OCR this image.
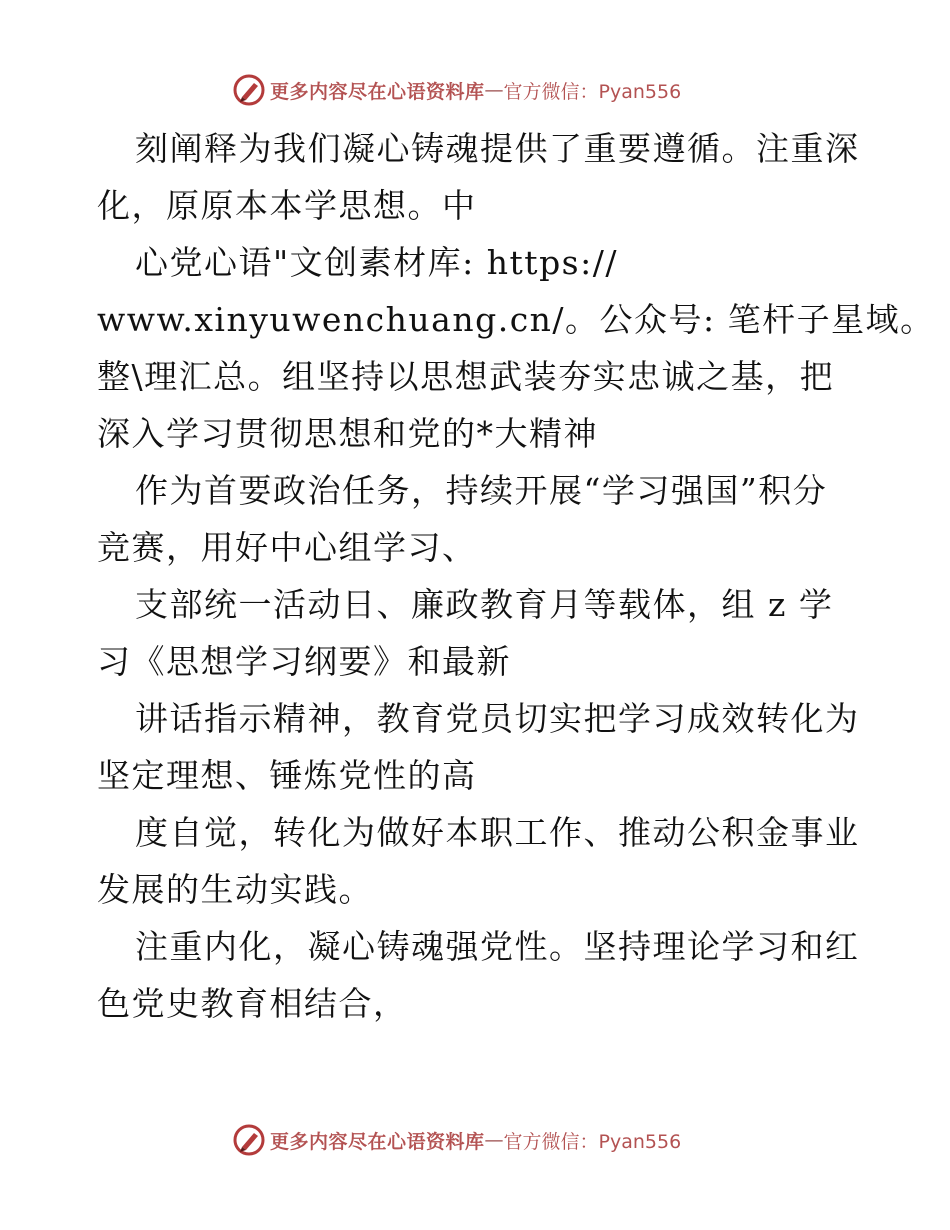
更多内容尽在心语资料库 — 官方微信：Pyan556
刻阐释为我们凝心铸魂提供了重要遵循。注重深
化，原原本本学思想。中
心党心语"文创素材库: https://
www.xinyuwenchuang.cn/。公众号: 笔杆子星域。
整\理汇总。组坚持以思想武装夯实忠诚之基，把
深入学习贯彻思想和党的*大精神
作为首要政治任务，持续开展“学习强国”积分
竞赛，用好中心组学习、
支部统一活动日、廉政教育月等载体，组 z 学
习《思想学习纲要》和最新
讲话指示精神，教育党员切实把学习成效转化为
坚定理想、锤炼党性的高
度自觉，转化为做好本职工作、推动公积金事业
发展的生动实践。
注重内化，凝心铸魂强党性。坚持理论学习和红
色党史教育相结合，
更多内容尽在心语资料库 — 官方微信：Pyan556
